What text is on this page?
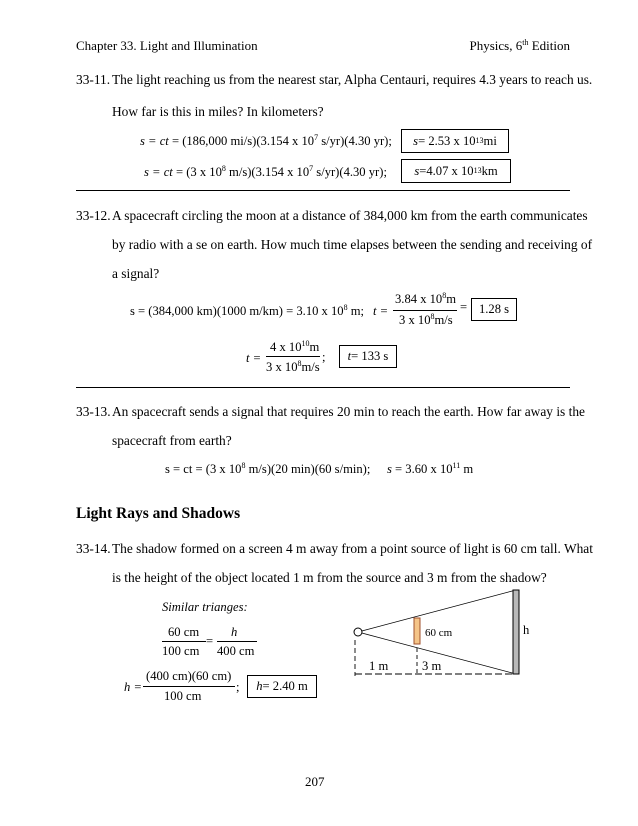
Chapter 33. Light and Illumination	Physics, 6th Edition
33-11. The light reaching us from the nearest star, Alpha Centauri, requires 4.3 years to reach us.
How far is this in miles? In kilometers?
s = ct = (186,000 mi/s)(3.154 x $10^7$ s/yr)(4.30 yr); s = 2.53 x 10 13 mi
s = ct = (3 x $10^8$ m/s)(3.154 x $10^7$ s/yr)(4.30 yr); s =4.07 x 10 13 km
33-12. A spacecraft circling the moon at a distance of 384,000 km from the earth communicates
by radio with a se on earth. How much time elapses between the sending and receiving of
a signal?
s = (384,000 km)(1000 m/km) = 3.10 x $10^8$ m; t =
3.84 x $10^8m$
3 x $10^8m/s$
= 1.28 s
t =
4 x $10^{10}m$
3 x $10^8m/s$
; t = 133 s
33-13. An spacecraft sends a signal that requires 20 min to reach the earth. How far away is the
spacecraft from earth?
s = ct = (3 x $10^8$ m/s)(20 min)(60 s/min); s = 3.60 x $10^{11}$ m
Light Rays and Shadows
33-14. The shadow formed on a screen 4 m away from a point source of light is 60 cm tall. What
is the height of the object located 1 m from the source and 3 m from the shadow?
Similar trianges:
60 cm
100 cm
=
h
400 cm
h =
(400 cm)(60 cm)
100 cm
; h = 2.40 m
60 cm	h
1 m	3 m
207
